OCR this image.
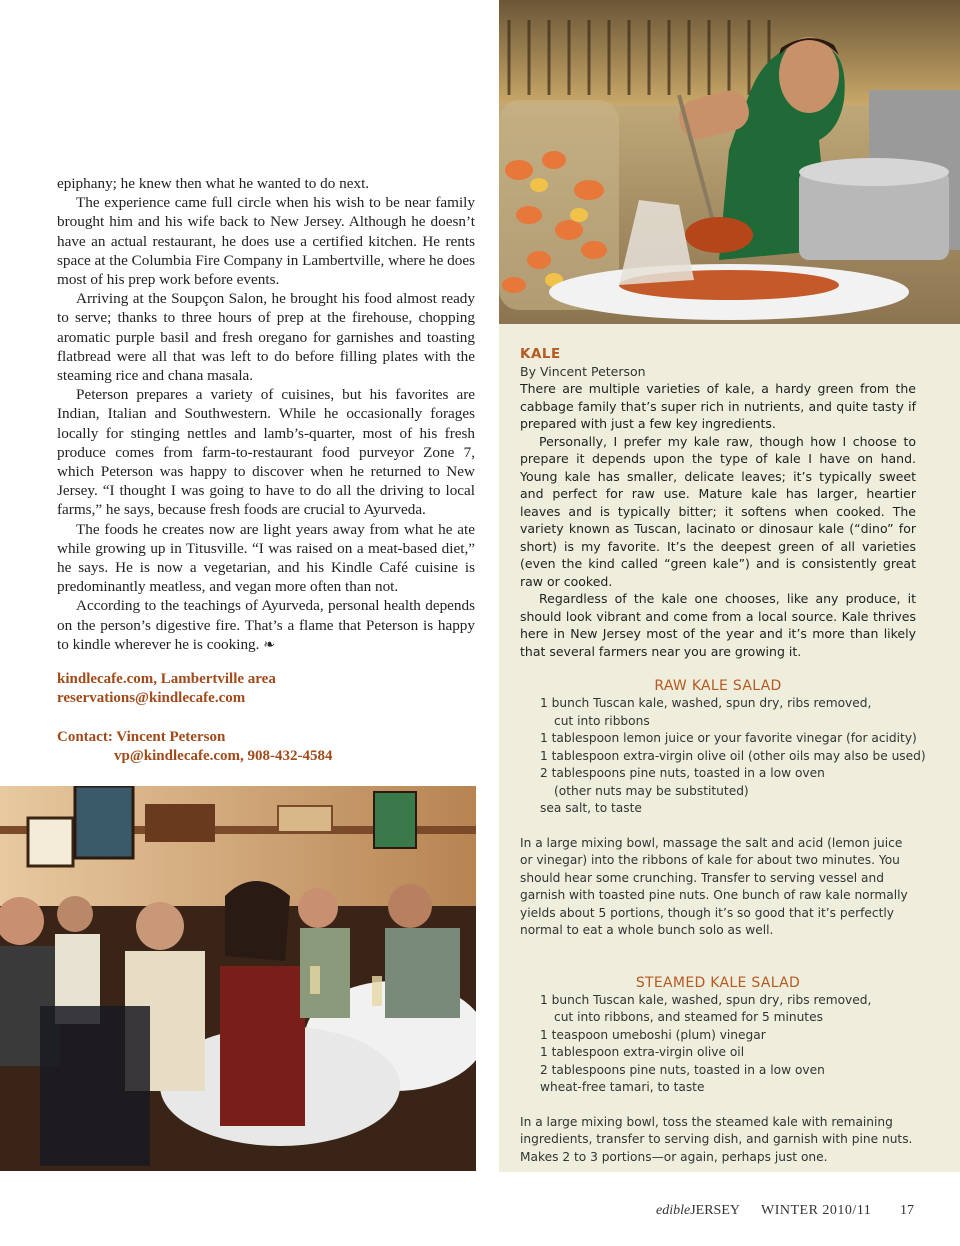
epiphany; he knew then what he wanted to do next.

The experience came full circle when his wish to be near family brought him and his wife back to New Jersey. Although he doesn’t have an actual restaurant, he does use a certified kitchen. He rents space at the Columbia Fire Company in Lambertville, where he does most of his prep work before events.

Arriving at the Soupçon Salon, he brought his food almost ready to serve; thanks to three hours of prep at the firehouse, chopping aromatic purple basil and fresh oregano for garnishes and toasting flatbread were all that was left to do before filling plates with the steaming rice and chana masala.

Peterson prepares a variety of cuisines, but his favorites are Indian, Italian and Southwestern. While he occasionally forages locally for stinging nettles and lamb’s-quarter, most of his fresh produce comes from farm-to-restaurant food purveyor Zone 7, which Peterson was happy to discover when he returned to New Jersey. “I thought I was going to have to do all the driving to local farms,” he says, because fresh foods are crucial to Ayurveda.

The foods he creates now are light years away from what he ate while growing up in Titusville. “I was raised on a meat-based diet,” he says. He is now a vegetarian, and his Kindle Café cuisine is predominantly meatless, and vegan more often than not.

According to the teachings of Ayurveda, personal health depends on the person’s digestive fire. That’s a flame that Peterson is happy to kindle wherever he is cooking. ❧

kindlecafe.com, Lambertville area
reservations@kindlecafe.com
Contact: Vincent Peterson
vp@kindlecafe.com, 908-432-4584
KALE
By Vincent Peterson

There are multiple varieties of kale, a hardy green from the cabbage family that’s super rich in nutrients, and quite tasty if prepared with just a few key ingredients.

Personally, I prefer my kale raw, though how I choose to prepare it depends upon the type of kale I have on hand. Young kale has smaller, delicate leaves; it’s typically sweet and perfect for raw use. Mature kale has larger, heartier leaves and is typically bitter; it softens when cooked. The variety known as Tuscan, lacinato or dinosaur kale (“dino” for short) is my favorite. It’s the deepest green of all varieties (even the kind called “green kale”) and is consistently great raw or cooked.

Regardless of the kale one chooses, like any produce, it should look vibrant and come from a local source. Kale thrives here in New Jersey most of the year and it’s more than likely that several farmers near you are growing it.

RAW KALE SALAD
1 bunch Tuscan kale, washed, spun dry, ribs removed,
cut into ribbons
1 tablespoon lemon juice or your favorite vinegar (for acidity)
1 tablespoon extra-virgin olive oil (other oils may also be used)
2 tablespoons pine nuts, toasted in a low oven
(other nuts may be substituted)
sea salt, to taste
In a large mixing bowl, massage the salt and acid (lemon juice or vinegar) into the ribbons of kale for about two minutes. You should hear some crunching. Transfer to serving vessel and garnish with toasted pine nuts. One bunch of raw kale normally yields about 5 portions, though it’s so good that it’s perfectly normal to eat a whole bunch solo as well.
STEAMED KALE SALAD
1 bunch Tuscan kale, washed, spun dry, ribs removed,
cut into ribbons, and steamed for 5 minutes
1 teaspoon umeboshi (plum) vinegar
1 tablespoon extra-virgin olive oil
2 tablespoons pine nuts, toasted in a low oven
wheat-free tamari, to taste
In a large mixing bowl, toss the steamed kale with remaining ingredients, transfer to serving dish, and garnish with pine nuts. Makes 2 to 3 portions—or again, perhaps just one.
edibleJERSEY WINTER 2010/11 17
